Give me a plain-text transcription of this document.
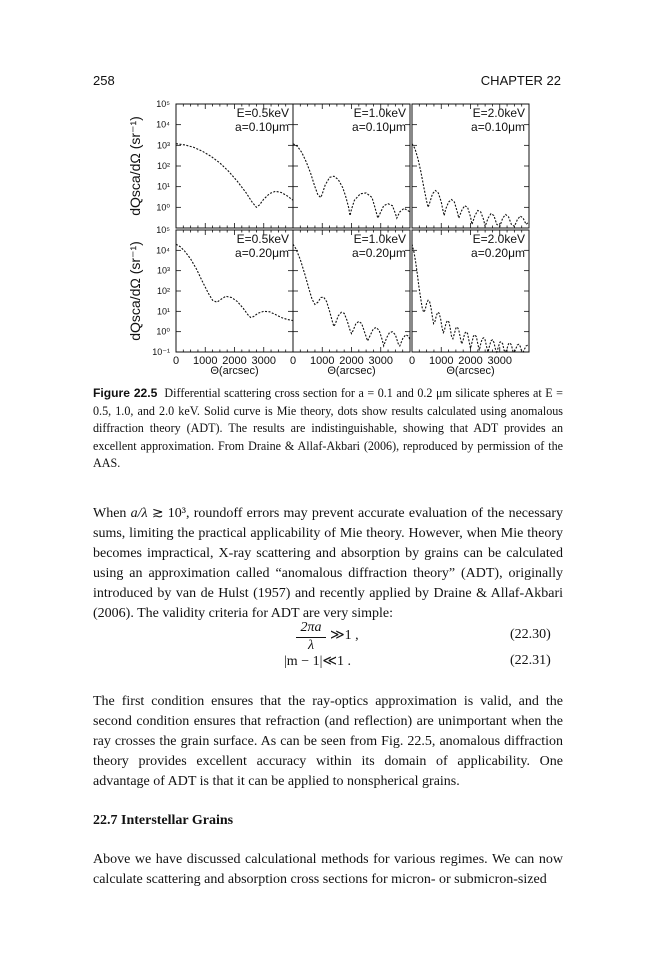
258	CHAPTER 22
10⁰
10¹
10²
10³
10⁴
10⁵
dQsca/dΩ (sr⁻¹)
E=0.5keV
a=0.10μm
E=1.0keV
a=0.10μm
E=2.0keV
a=0.10μm
10⁻¹
10⁰
10¹
10²
10³
10⁴
10⁵
dQsca/dΩ (sr⁻¹)
E=0.5keV
a=0.20μm
E=1.0keV
a=0.20μm
E=2.0keV
a=0.20μm
0 1000 2000 3000
Θ(arcsec)
0 1000 2000 3000
Θ(arcsec)
0 1000 2000 3000
Θ(arcsec)
Figure 22.5 Differential scattering cross section for a = 0.1 and 0.2 μm silicate spheres at E = 0.5, 1.0, and 2.0 keV. Solid curve is Mie theory, dots show results calculated using anomalous diffraction theory (ADT). The results are indistinguishable, showing that ADT provides an excellent approximation. From Draine & Allaf-Akbari (2006), reproduced by permission of the AAS.

When a/λ ≳ 10³, roundoff errors may prevent accurate evaluation of the necessary sums, limiting the practical applicability of Mie theory. However, when Mie theory becomes impractical, X-ray scattering and absorption by grains can be calculated using an approximation called “anomalous diffraction theory” (ADT), originally introduced by van de Hulst (1957) and recently applied by Draine & Allaf-Akbari (2006). The validity criteria for ADT are very simple:

$\frac{2\pi a}{\lambda}$ ≫1 ,	(22.30)
|m − 1|≪1 .	(22.31)

The first condition ensures that the ray-optics approximation is valid, and the second condition ensures that refraction (and reflection) are unimportant when the ray crosses the grain surface. As can be seen from Fig. 22.5, anomalous diffraction theory provides excellent accuracy within its domain of applicability. One advantage of ADT is that it can be applied to nonspherical grains.

22.7 Interstellar Grains

Above we have discussed calculational methods for various regimes. We can now calculate scattering and absorption cross sections for micron- or submicron-sized
